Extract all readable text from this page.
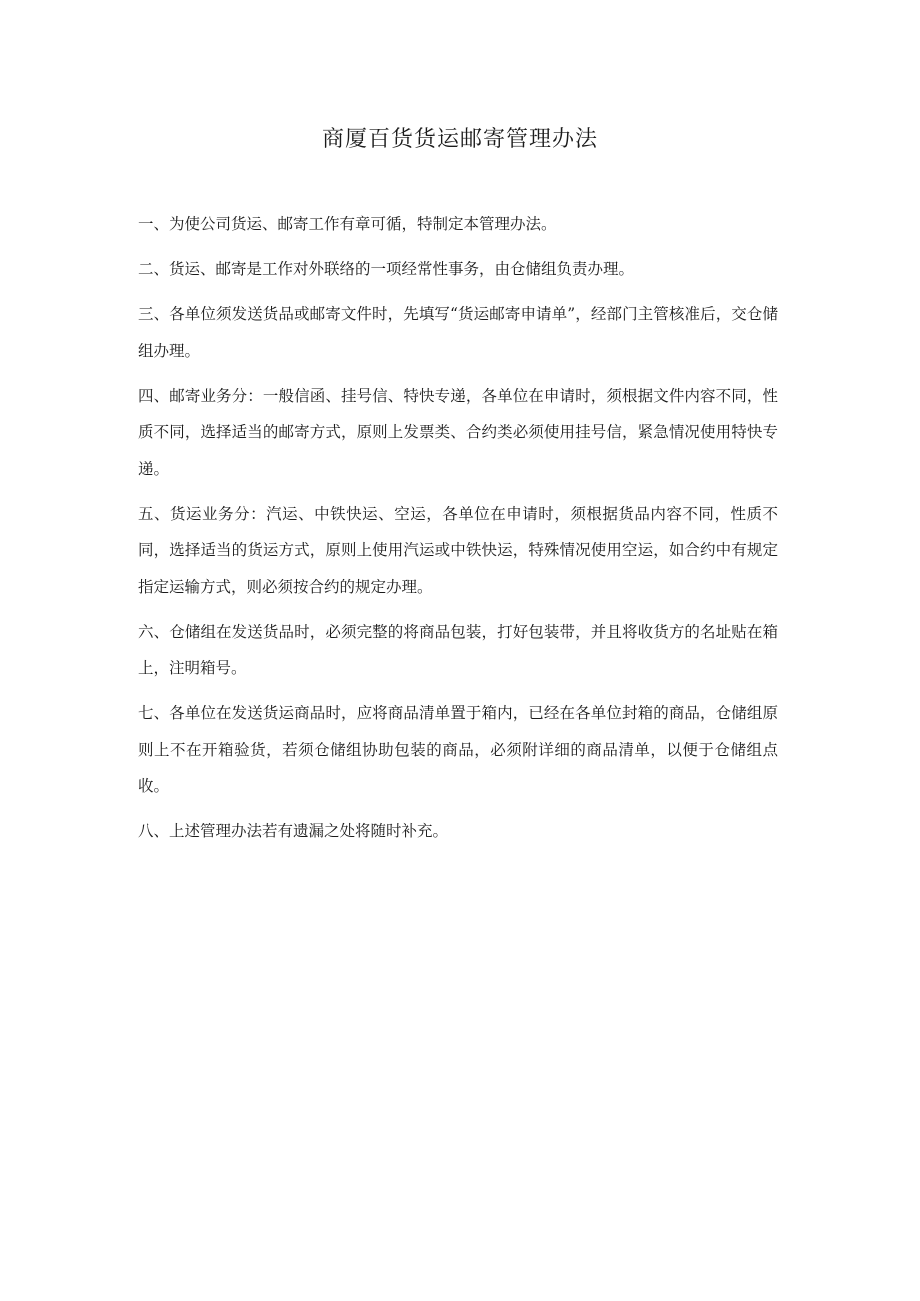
商厦百货货运邮寄管理办法

一、为使公司货运、邮寄工作有章可循，特制定本管理办法。

二、货运、邮寄是工作对外联络的一项经常性事务，由仓储组负责办理。

三、各单位须发送货品或邮寄文件时，先填写“货运邮寄申请单”，经部门主管核准后，交仓储组办理。

四、邮寄业务分：一般信函、挂号信、特快专递，各单位在申请时，须根据文件内容不同，性质不同，选择适当的邮寄方式，原则上发票类、合约类必须使用挂号信，紧急情况使用特快专递。

五、货运业务分：汽运、中铁快运、空运，各单位在申请时，须根据货品内容不同，性质不同，选择适当的货运方式，原则上使用汽运或中铁快运，特殊情况使用空运，如合约中有规定指定运输方式，则必须按合约的规定办理。

六、仓储组在发送货品时，必须完整的将商品包装，打好包装带，并且将收货方的名址贴在箱上，注明箱号。

七、各单位在发送货运商品时，应将商品清单置于箱内，已经在各单位封箱的商品，仓储组原则上不在开箱验货，若须仓储组协助包装的商品，必须附详细的商品清单，以便于仓储组点收。

八、上述管理办法若有遗漏之处将随时补充。
